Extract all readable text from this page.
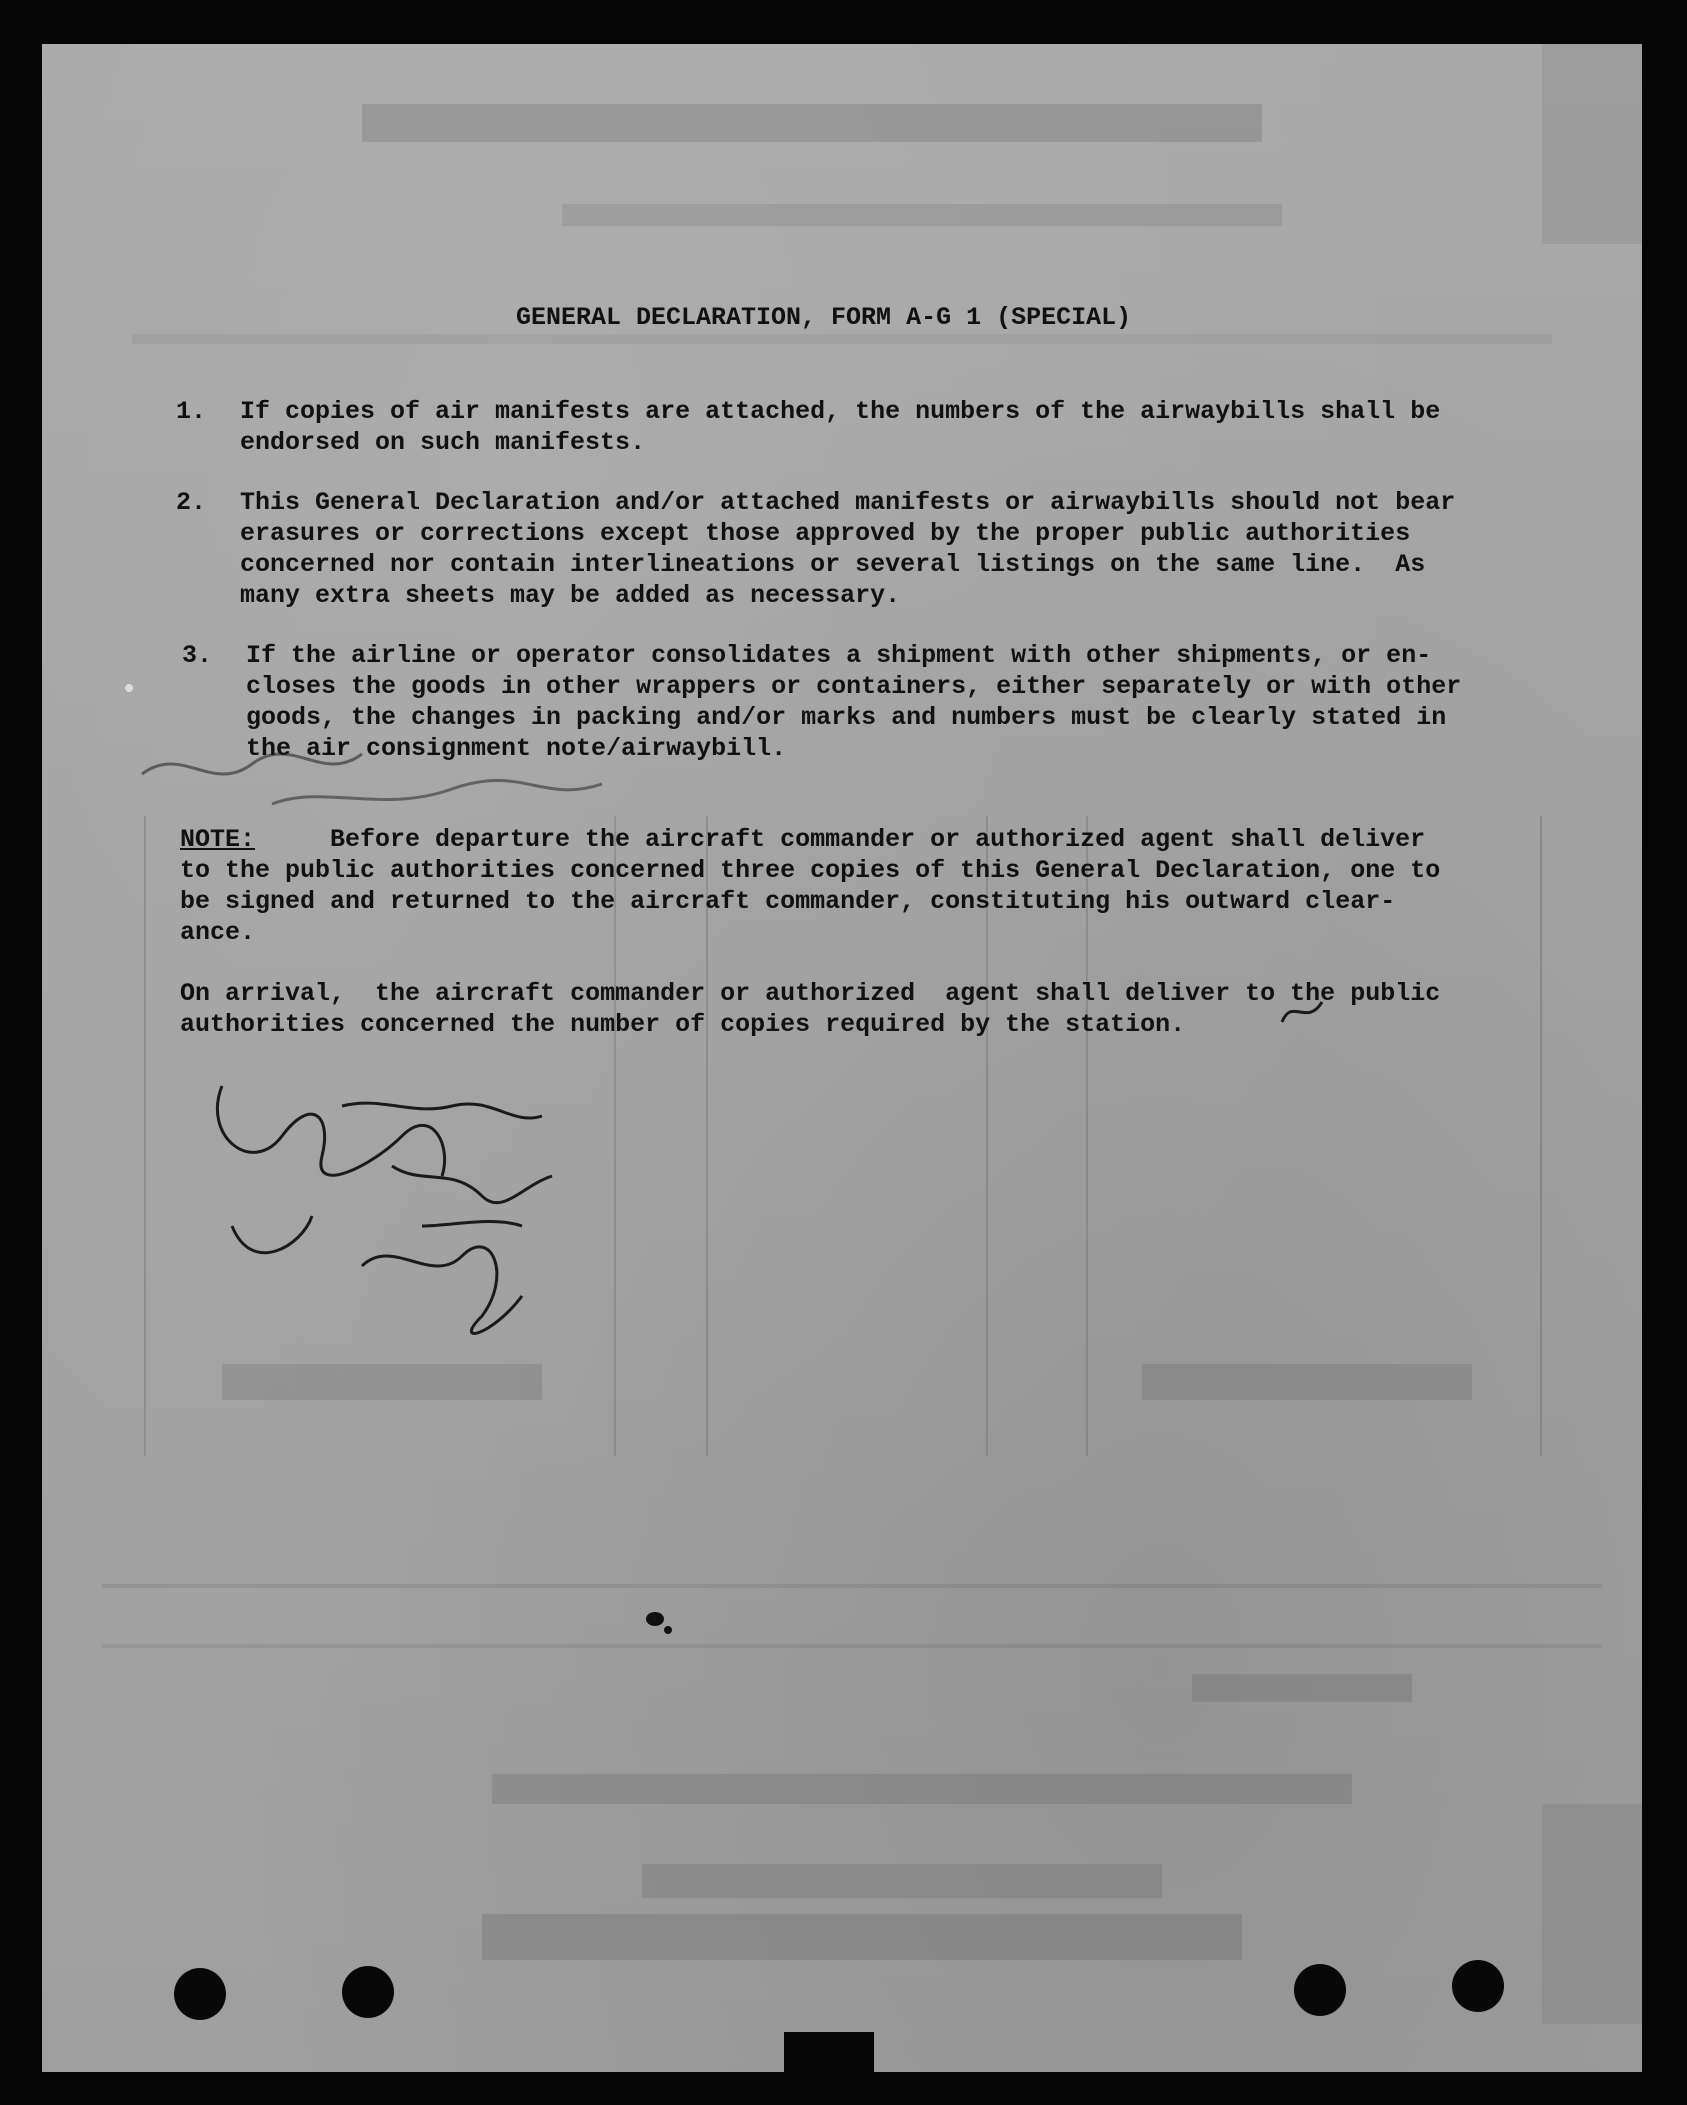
GENERAL DECLARATION, FORM A-G 1 (SPECIAL)
1. If copies of air manifests are attached, the numbers of the airwaybills shall be
endorsed on such manifests.
2. This General Declaration and/or attached manifests or airwaybills should not bear
erasures or corrections except those approved by the proper public authorities
concerned nor contain interlineations or several listings on the same line.  As
many extra sheets may be added as necessary.
3. If the airline or operator consolidates a shipment with other shipments, or en-
closes the goods in other wrappers or containers, either separately or with other
goods, the changes in packing and/or marks and numbers must be clearly stated in
the air consignment note/airwaybill.
NOTE:	Before departure the aircraft commander or authorized agent shall deliver
to the public authorities concerned three copies of this General Declaration, one to
be signed and returned to the aircraft commander, constituting his outward clear-
ance.
On arrival,  the aircraft commander or authorized  agent shall deliver to the public
authorities concerned the number of copies required by the station.
